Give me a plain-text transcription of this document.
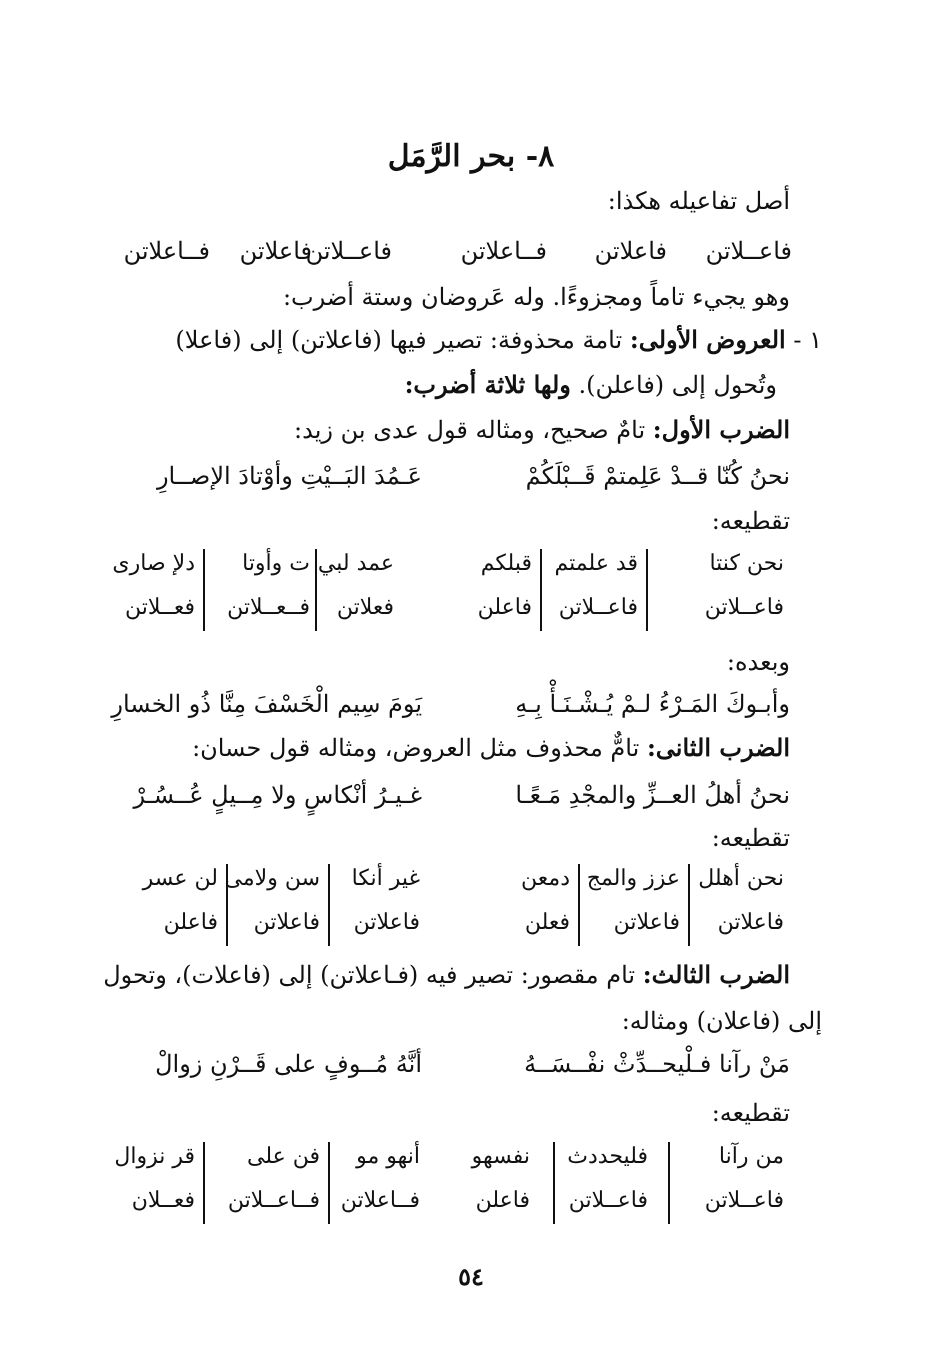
٨- بحر الرَّمَل
أصل تفاعيله هكذا:
فاعــلاتن
فاعلاتن
فــاعلاتن
فاعــلاتن
فاعلاتن
فــاعلاتن
وهو يجيء تاماً ومجزوءًا. وله عَروضان وستة أضرب:
١ - العروض الأولى: تامة محذوفة: تصير فيها (فاعلاتن) إلى (فاعلا)
وتُحول إلى (فاعلن). ولها ثلاثة أضرب:
الضرب الأول: تامٌ صحيح، ومثاله قول عدى بن زيد:
نحنُ كُنّا قــدْ عَلِمتمْ قَــبْلَكُمْ
عَـمُدَ البَــيْتِ وأوْتادَ الإصــارِ
تقطيعه:
نحن كنتا
قد علمتم
قبلكم
عمد لبي
ت وأوتا
دلإ صارى
فاعــلاتن
فاعــلاتن
فاعلن
فعلاتن
فــعــلاتن
فعــلاتن
وبعده:
وأبـوكَ المَـرْءُ لـمْ يُـشْـنَـأْ بِـهِ
يَومَ سِيم الْخَسْفَ مِنَّا ذُو الخسارِ
الضرب الثانى: تامٌّ محذوف مثل العروض، ومثاله قول حسان:
نحنُ أهلُ العــزِّ والمجْدِ مَـعًـا
غـيـرُ أنْكاسٍ ولا مِــيلٍ عُــسُـرْ
تقطيعه:
نحن أهلل
عزز والمج
دمعن
غير أنكا
سن ولامى
لن عسر
فاعلاتن
فاعلاتن
فعلن
فاعلاتن
فاعلاتن
فاعلن
الضرب الثالث: تام مقصور: تصير فيه (فـاعلاتن) إلى (فاعلات)، وتحول
إلى (فاعلان) ومثاله:
مَنْ رآنا فـلْيحــدِّثْ نفْــسَــهُ
أنَّهُ مُــوفٍ على قَــرْنِ زوالْ
تقطيعه:
من رآنا
فليحددث
نفسهو
أنهو مو
فن على
قر نزوال
فاعــلاتن
فاعــلاتن
فاعلن
فــاعلاتن
فــاعــلاتن
فعــلان
٥٤
